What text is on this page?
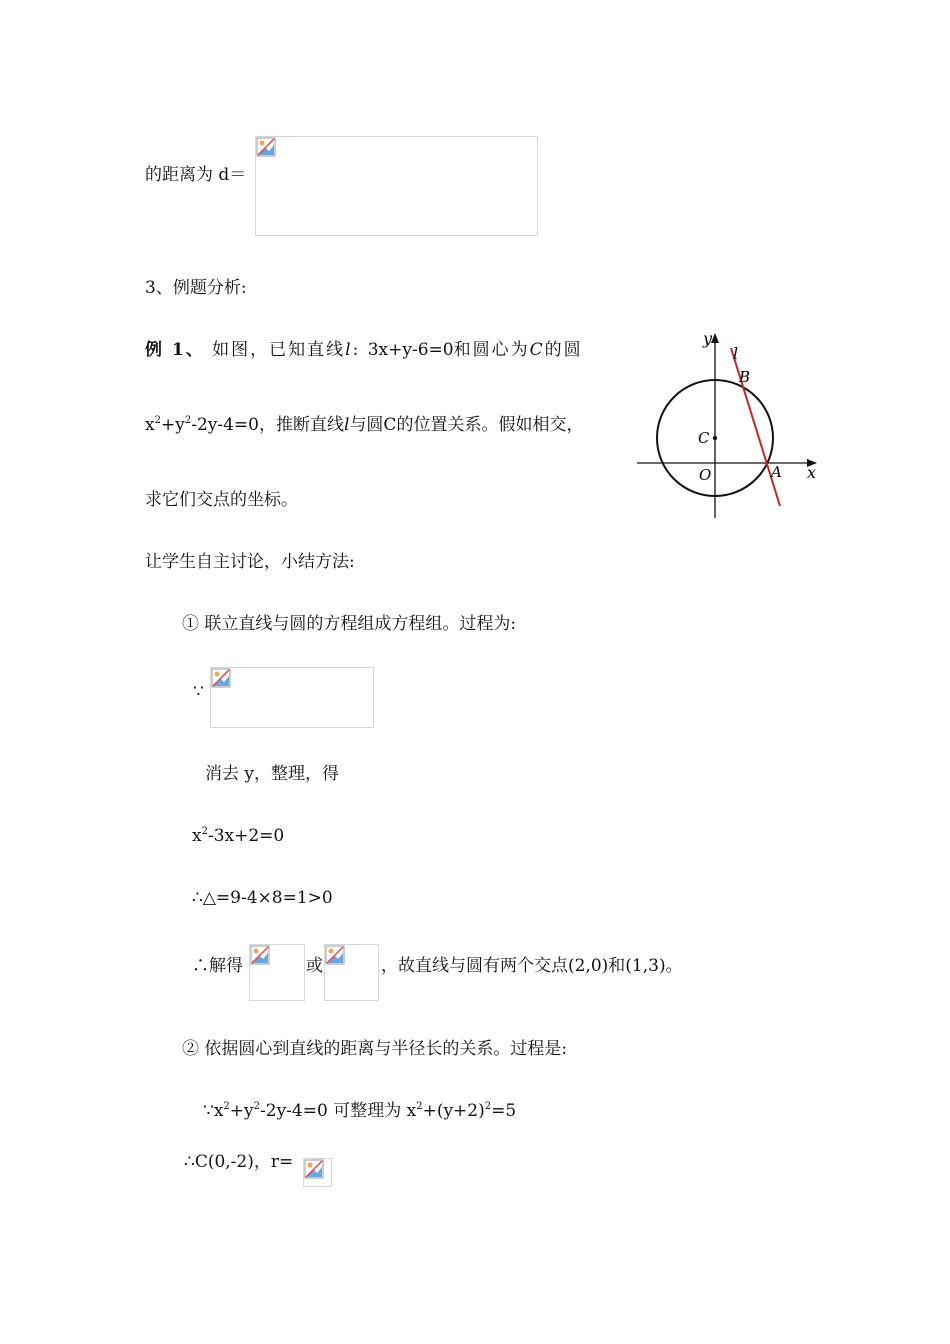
的距离为 d＝
3、例题分析:
例 1、 如图，已知直线l: 3x+y-6=0和圆心为C的圆
$x^2+y^2-2y-4=0$，推断直线l与圆C的位置关系。假如相交，
求它们交点的坐标。
y
l
B
C
O	A x
让学生自主讨论，小结方法:
① 联立直线与圆的方程组成方程组。过程为:
∵
消去 y，整理，得
$x^2-3x+2=0$
∴△=9-4×8=1>0
∴解得	或	，故直线与圆有两个交点(2,0)和(1,3)。
② 依据圆心到直线的距离与半径长的关系。过程是:
$\because x^2+y^2-2y-4=0$ 可整理为 $x^2+(y+2)^2=5$
∴C(0,-2)，r=
